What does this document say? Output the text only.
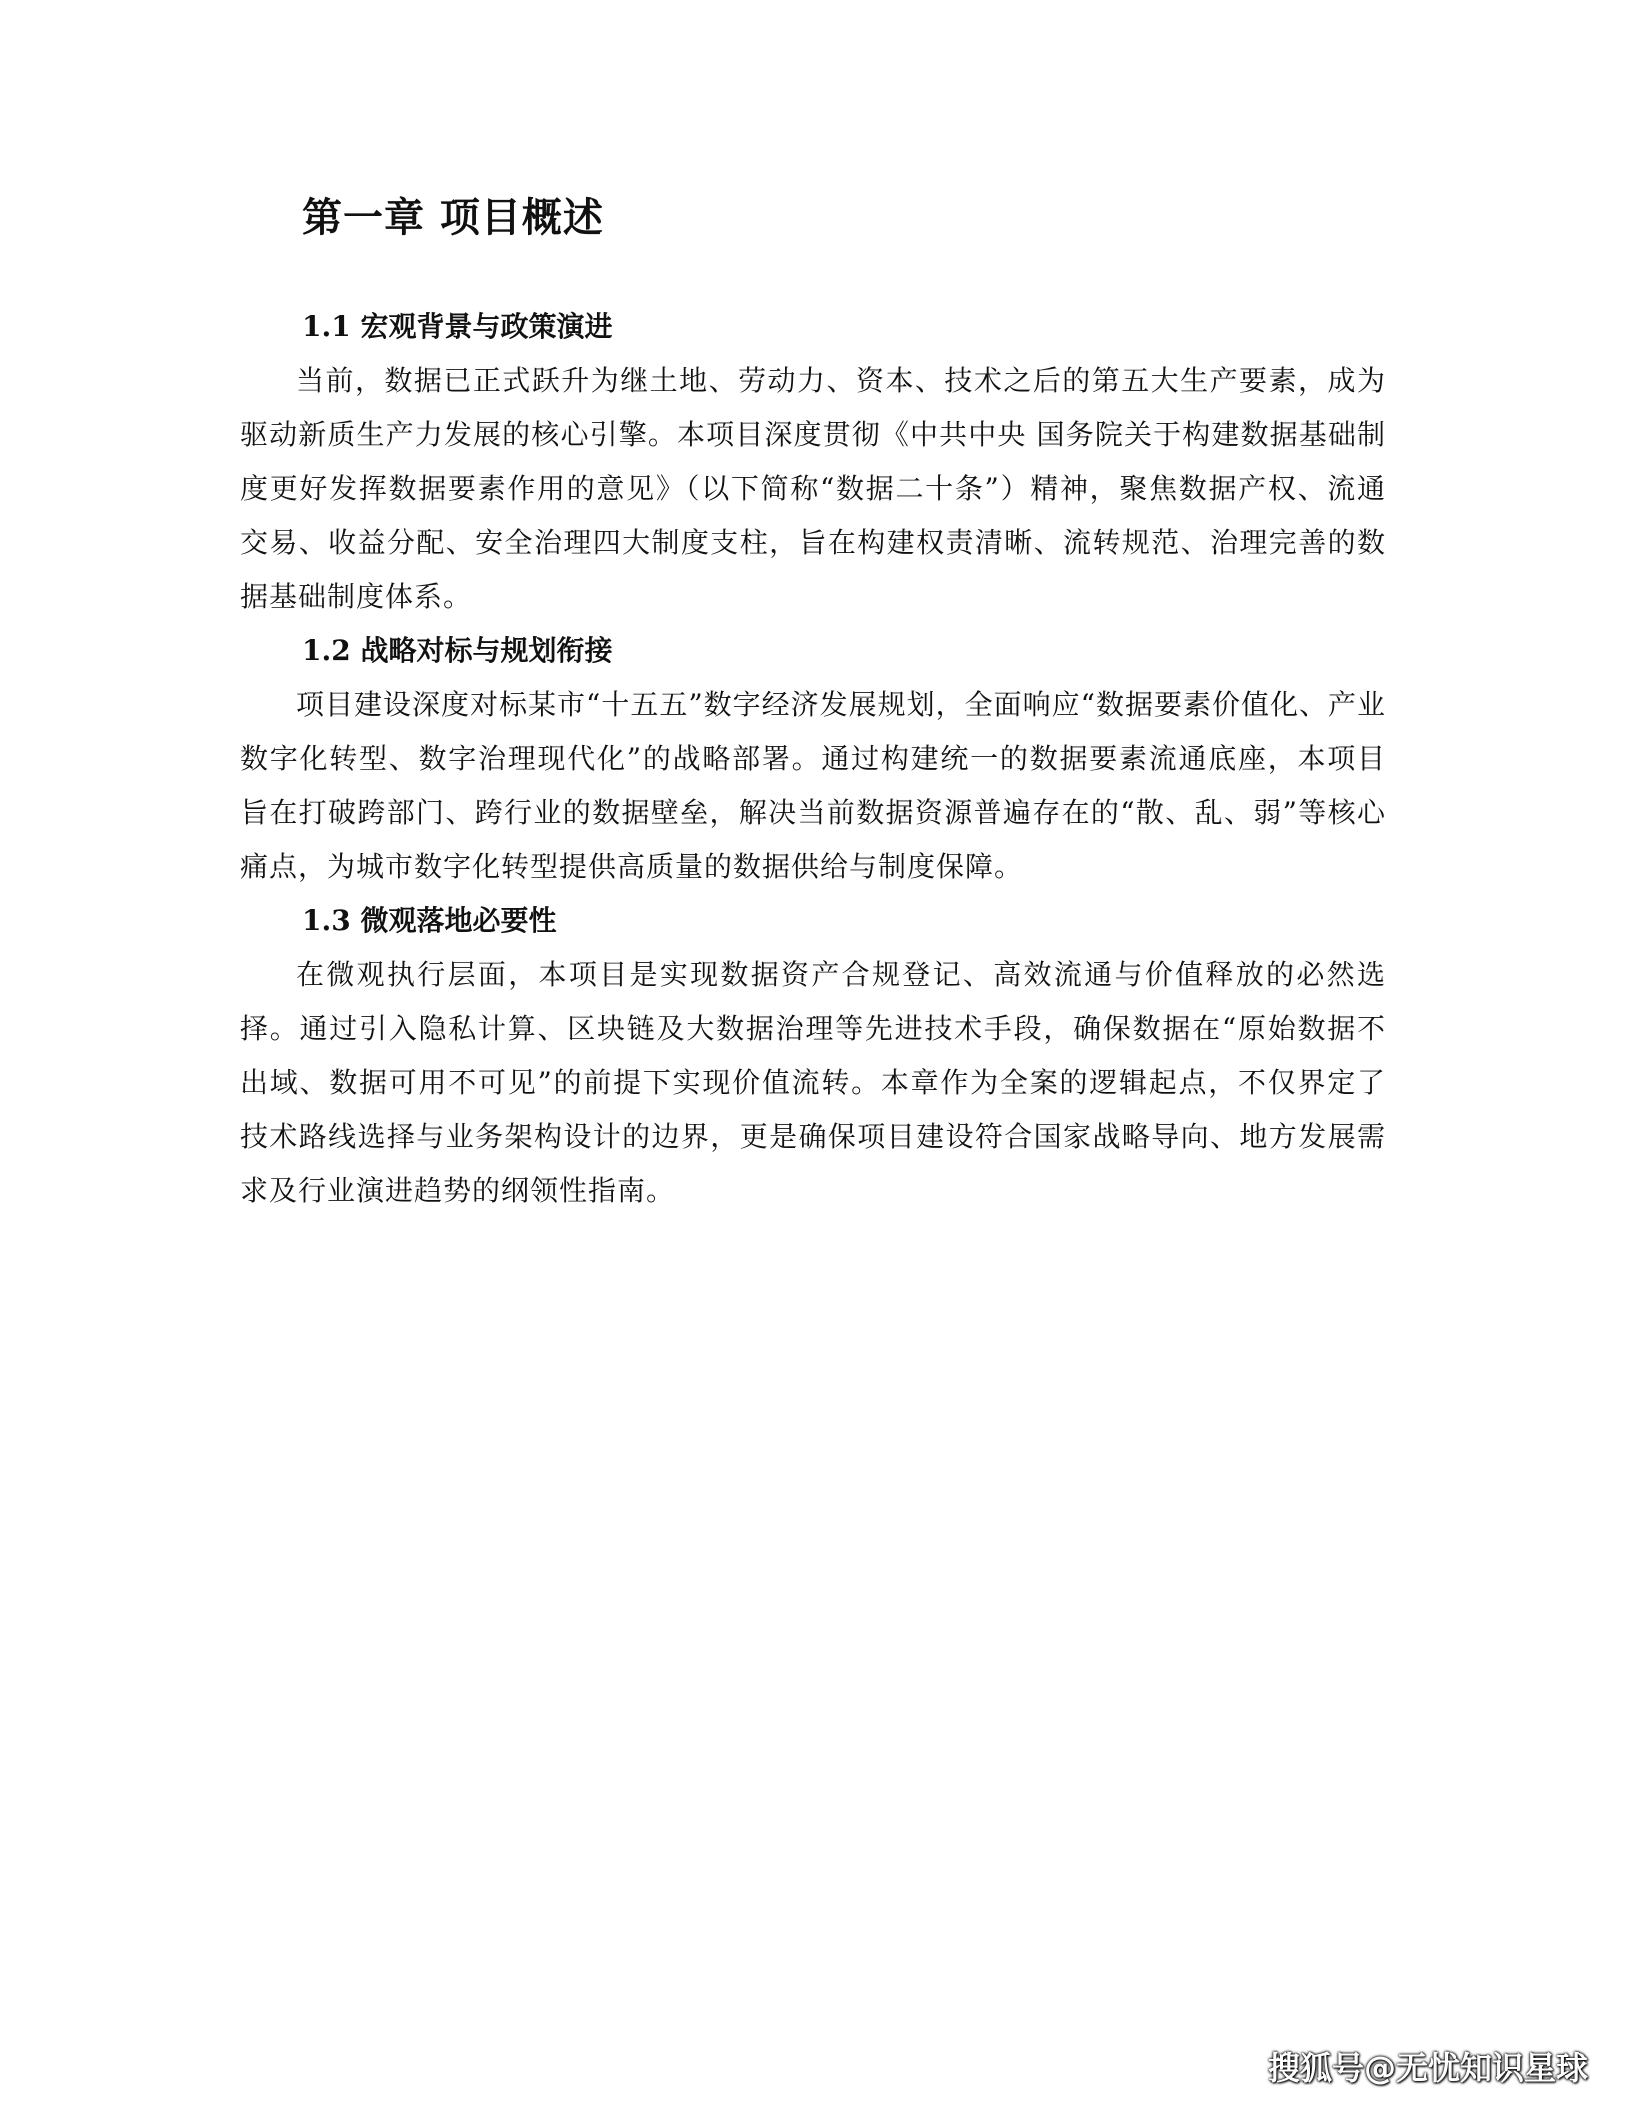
第一章 项目概述
1.1 宏观背景与政策演进

当前，数据已正式跃升为继土地、劳动力、资本、技术之后的第五大生产要素，成为驱动新质生产力发展的核心引擎。本项目深度贯彻《中共中央 国务院关于构建数据基础制度更好发挥数据要素作用的意见》（以下简称“数据二十条”）精神，聚焦数据产权、流通交易、收益分配、安全治理四大制度支柱，旨在构建权责清晰、流转规范、治理完善的数据基础制度体系。

1.2 战略对标与规划衔接

项目建设深度对标某市“十五五”数字经济发展规划，全面响应“数据要素价值化、产业数字化转型、数字治理现代化”的战略部署。通过构建统一的数据要素流通底座，本项目旨在打破跨部门、跨行业的数据壁垒，解决当前数据资源普遍存在的“散、乱、弱”等核心痛点，为城市数字化转型提供高质量的数据供给与制度保障。

1.3 微观落地必要性

在微观执行层面，本项目是实现数据资产合规登记、高效流通与价值释放的必然选择。通过引入隐私计算、区块链及大数据治理等先进技术手段，确保数据在“原始数据不出域、数据可用不可见”的前提下实现价值流转。本章作为全案的逻辑起点，不仅界定了技术路线选择与业务架构设计的边界，更是确保项目建设符合国家战略导向、地方发展需求及行业演进趋势的纲领性指南。

搜狐号@无忧知识星球
